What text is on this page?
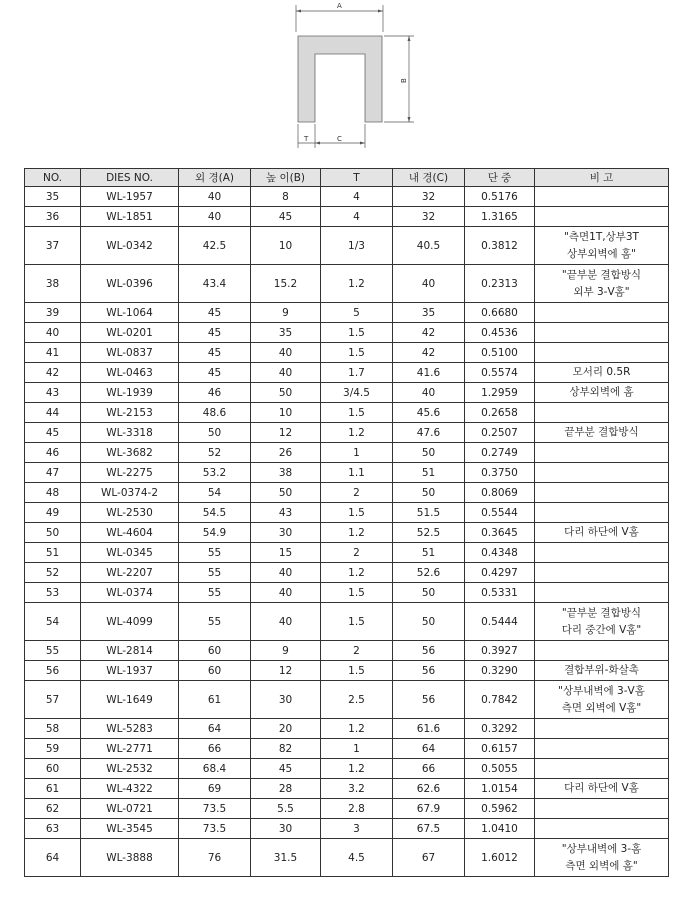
A
B
T	C
NO.	DIES NO.	외 경(A)	높 이(B)	T	내 경(C)	단 중	비 고
35	WL-1957	40	8	4	32	0.5176	
36	WL-1851	40	45	4	32	1.3165	
37	WL-0342	42.5	10	1/3	40.5	0.3812	"측면1T,상부3T
상부외벽에 홈"

38	WL-0396	43.4	15.2	1.2	40	0.2313	"끝부분 결합방식
외부 3-V홈"

39	WL-1064	45	9	5	35	0.6680	
40	WL-0201	45	35	1.5	42	0.4536	
41	WL-0837	45	40	1.5	42	0.5100	
42	WL-0463	45	40	1.7	41.6	0.5574	모서리 0.5R

43	WL-1939	46	50	3/4.5	40	1.2959	상부외벽에 홈

44	WL-2153	48.6	10	1.5	45.6	0.2658	
45	WL-3318	50	12	1.2	47.6	0.2507	끝부분 결합방식

46	WL-3682	52	26	1	50	0.2749	
47	WL-2275	53.2	38	1.1	51	0.3750	
48	WL-0374-2	54	50	2	50	0.8069	
49	WL-2530	54.5	43	1.5	51.5	0.5544	
50	WL-4604	54.9	30	1.2	52.5	0.3645	다리 하단에 V홈

51	WL-0345	55	15	2	51	0.4348	
52	WL-2207	55	40	1.2	52.6	0.4297	
53	WL-0374	55	40	1.5	50	0.5331	
54	WL-4099	55	40	1.5	50	0.5444	"끝부분 결합방식
다리 중간에 V홈"

55	WL-2814	60	9	2	56	0.3927	
56	WL-1937	60	12	1.5	56	0.3290	결합부위-화살촉

57	WL-1649	61	30	2.5	56	0.7842	"상부내벽에 3-V홈
측면 외벽에 V홈"

58	WL-5283	64	20	1.2	61.6	0.3292	
59	WL-2771	66	82	1	64	0.6157	
60	WL-2532	68.4	45	1.2	66	0.5055	
61	WL-4322	69	28	3.2	62.6	1.0154	다리 하단에 V홈

62	WL-0721	73.5	5.5	2.8	67.9	0.5962	
63	WL-3545	73.5	30	3	67.5	1.0410	
64	WL-3888	76	31.5	4.5	67	1.6012	"상부내벽에 3-홈
측면 외벽에 홈"
